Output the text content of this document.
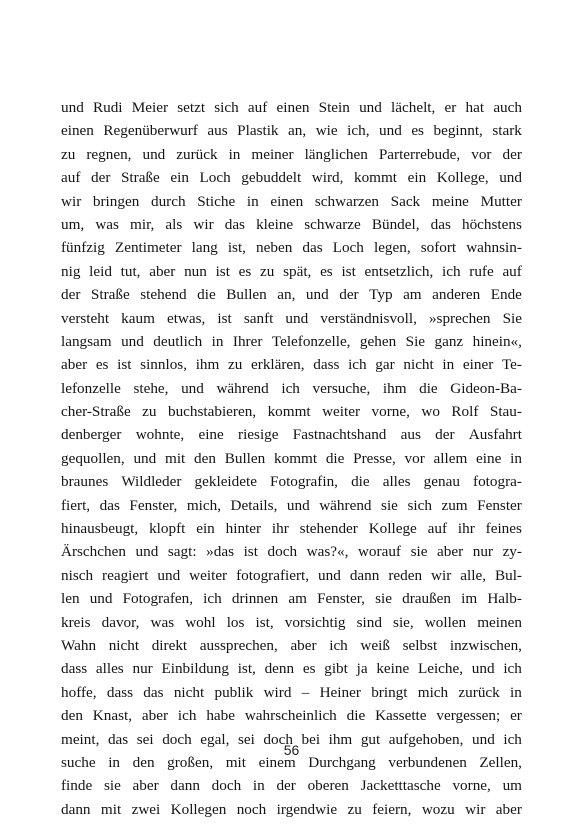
und Rudi Meier setzt sich auf einen Stein und lächelt, er hat auch
einen Regenüberwurf aus Plastik an, wie ich, und es beginnt, stark
zu regnen, und zurück in meiner länglichen Parterrebude, vor der
auf der Straße ein Loch gebuddelt wird, kommt ein Kollege, und
wir bringen durch Stiche in einen schwarzen Sack meine Mutter
um, was mir, als wir das kleine schwarze Bündel, das höchstens
fünfzig Zentimeter lang ist, neben das Loch legen, sofort wahnsin-
nig leid tut, aber nun ist es zu spät, es ist entsetzlich, ich rufe auf
der Straße stehend die Bullen an, und der Typ am anderen Ende
versteht kaum etwas, ist sanft und verständnisvoll, »sprechen Sie
langsam und deutlich in Ihrer Telefonzelle, gehen Sie ganz hinein«,
aber es ist sinnlos, ihm zu erklären, dass ich gar nicht in einer Te-
lefonzelle stehe, und während ich versuche, ihm die Gideon-Ba-
cher-Straße zu buchstabieren, kommt weiter vorne, wo Rolf Stau-
denberger wohnte, eine riesige Fastnachtshand aus der Ausfahrt
gequollen, und mit den Bullen kommt die Presse, vor allem eine in
braunes Wildleder gekleidete Fotografin, die alles genau fotogra-
fiert, das Fenster, mich, Details, und während sie sich zum Fenster
hinausbeugt, klopft ein hinter ihr stehender Kollege auf ihr feines
Ärschchen und sagt: »das ist doch was?«, worauf sie aber nur zy-
nisch reagiert und weiter fotografiert, und dann reden wir alle, Bul-
len und Fotografen, ich drinnen am Fenster, sie draußen im Halb-
kreis davor, was wohl los ist, vorsichtig sind sie, wollen meinen
Wahn nicht direkt aussprechen, aber ich weiß selbst inzwischen,
dass alles nur Einbildung ist, denn es gibt ja keine Leiche, und ich
hoffe, dass das nicht publik wird – Heiner bringt mich zurück in
den Knast, aber ich habe wahrscheinlich die Kassette vergessen; er
meint, das sei doch egal, sei doch bei ihm gut aufgehoben, und ich
suche in den großen, mit einem Durchgang verbundenen Zellen,
finde sie aber dann doch in der oberen Jacketttasche vorne, um
dann mit zwei Kollegen noch irgendwie zu feiern, wozu wir aber
56
